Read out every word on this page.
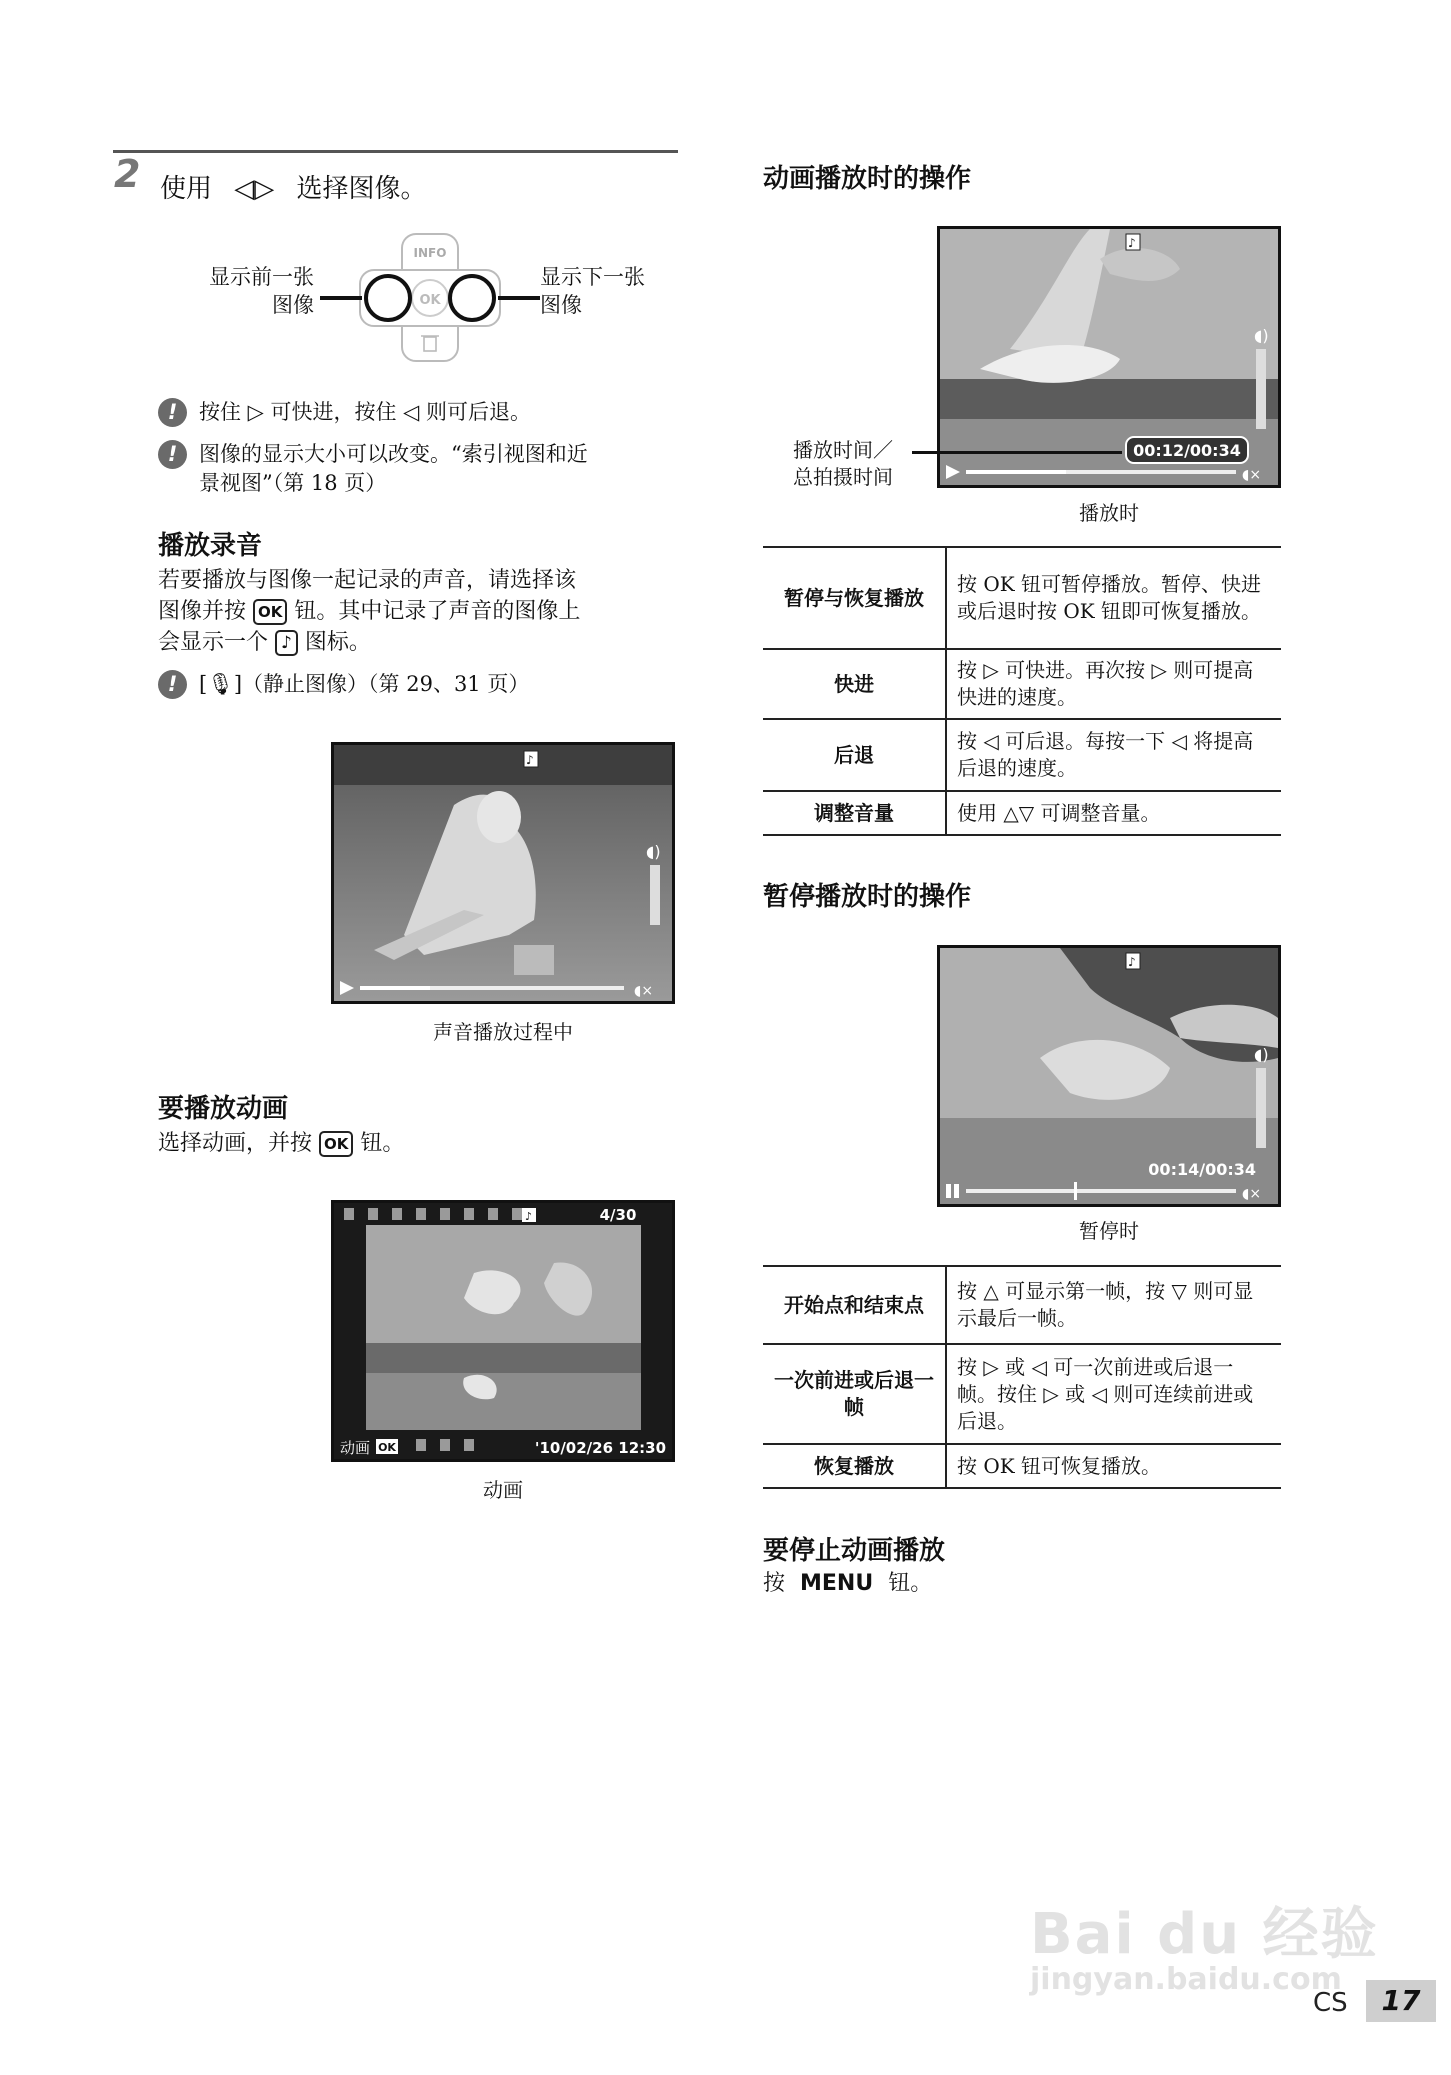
2 使用 ◁▷ 选择图像。
显示前一张
图像
显示下一张
图像
OK
INFO
!	按住 ▷ 可快进，按住 ◁ 则可后退。
!	图像的显示大小可以改变。“索引视图和近
景视图”（第 18 页）
播放录音
若要播放与图像一起记录的声音，请选择该
图像并按 OK 钮。其中记录了声音的图像上
会显示一个 ♪ 图标。
!	[🎙]（静止图像）（第 29、31 页）
◖)
♪
◖×
声音播放过程中
要播放动画
选择动画，并按 OK 钮。
♪	4/30
动画 OK	'10/02/26 12:30
动画
动画播放时的操作
♪
◖)
00:12/00:34
◖×
播放时间／
总拍摄时间
播放时
暂停与恢复播放	按 OK 钮可暂停播放。暂停、快进或后退时按 OK 钮即可恢复播放。
快进	按 ▷ 可快进。再次按 ▷ 则可提高快进的速度。
后退	按 ◁ 可后退。每按一下 ◁ 将提高后退的速度。
调整音量	使用 △▽ 可调整音量。
暂停播放时的操作
♪
◖)
00:14/00:34
◖×
暂停时
开始点和结束点	按 △ 可显示第一帧，按 ▽ 则可显示最后一帧。
一次前进或后退一帧	按 ▷ 或 ◁ 可一次前进或后退一帧。按住 ▷ 或 ◁ 则可连续前进或后退。
恢复播放	按 OK 钮可恢复播放。
要停止动画播放
按 MENU 钮。
Bai du 经验
jingyan.baidu.com
CS	17
